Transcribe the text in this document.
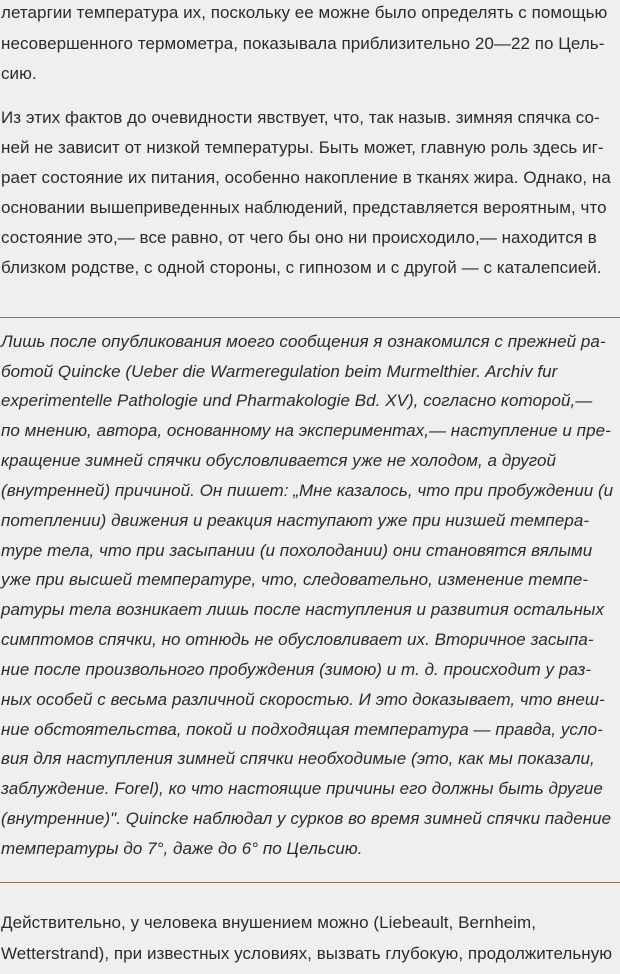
летаргии температура их, поскольку ее можне было определять с помощью
несовершенного термометра, показывала приблизительно 20—22 по Цель-
сию.
Из этих фактов до очевидности явствует, что, так назыв. зимняя спячка со-
ней не зависит от низкой температуры. Быть может, главную роль здесь иг-
рает состояние их питания, особенно накопление в тканях жира. Однако, на
основании вышеприведенных наблюдений, представляется вероятным, что
состояние это,— все равно, от чего бы оно ни происходило,— находится в
близком родстве, с одной стороны, с гипнозом и с другой — с каталепсией.
Лишь после опубликования моего сообщения я ознакомился с прежней ра-
ботой Quincke (Ueber die Warmeregulation beim Murmelthier. Archiv fur
experimentelle Pathologie und Pharmakologie Bd. XV), согласно которой,—
по мнению, автора, основанному на экспериментах,— наступление и пре-
кращение зимней спячки обусловливается уже не холодом, а другой
(внутренней) причиной. Он пишет: „Мне казалось, что при пробуждении (и
потеплении) движения и реакция наступают уже при низшей темпера-
туре тела, что при засыпании (и похолодании) они становятся вялыми
уже при высшей температуре, что, следовательно, изменение темпе-
ратуры тела возникает лишь после наступления и развития остальных
симптомов спячки, но отнюдь не обусловливает их. Вторичное засыпа-
ние после произвольного пробуждения (зимою) и т. д. происходит у раз-
ных особей с весьма различной скоростью. И это доказывает, что внеш-
ние обстоятельства, покой и подходящая температура — правда, усло-
вия для наступления зимней спячки необходимые (это, как мы показали,
заблуждение. Forel), ко что настоящие причины его должны быть другие
(внутренние)". Quincke наблюдал у сурков во время зимней спячки падение
температуры до 7°, даже до 6° по Цельсию.
Действительно, у человека внушением можно (Liebeault, Bernheim,
Wetterstrand), при известных условиях, вызвать глубокую, продолжительную
